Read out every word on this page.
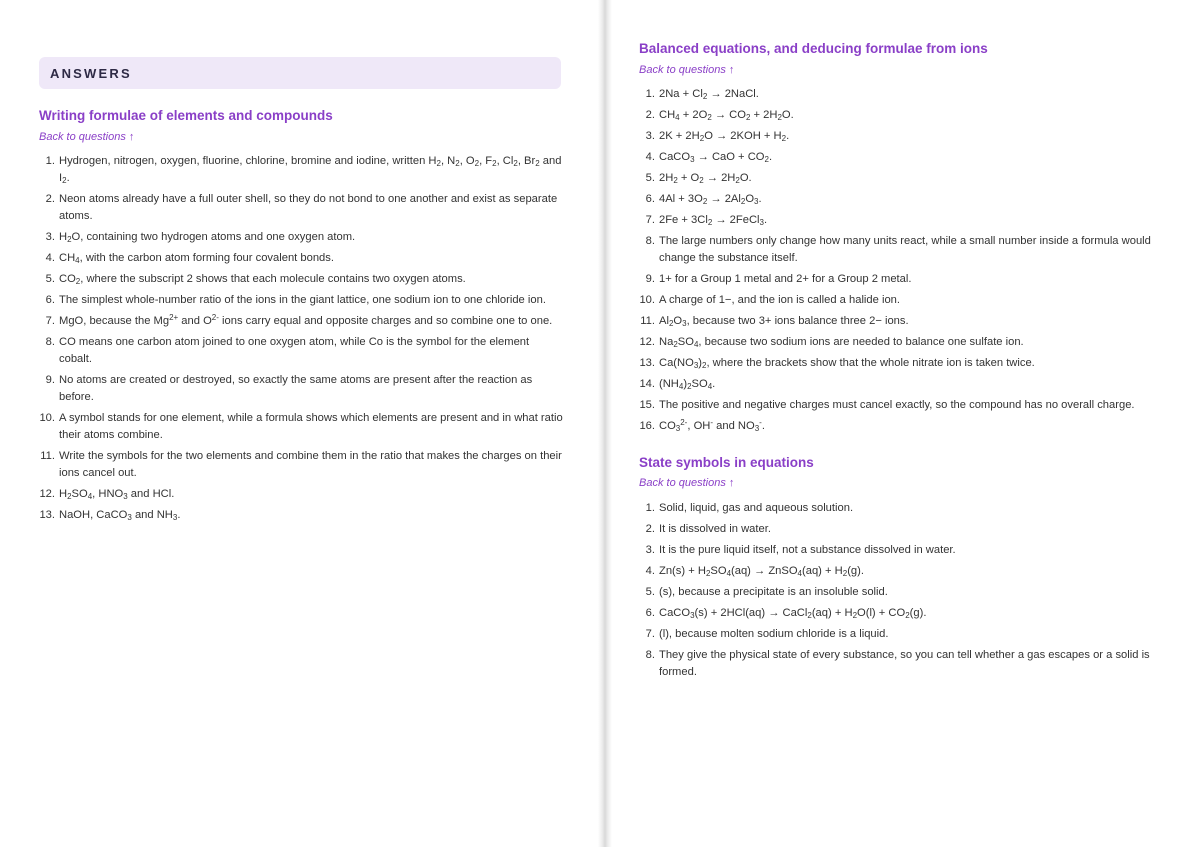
ANSWERS
Writing formulae of elements and compounds
Back to questions ↑
1. Hydrogen, nitrogen, oxygen, fluorine, chlorine, bromine and iodine, written $H_2$, $N_2$, $O_2$, $F_2$, $Cl_2$, $Br_2$ and $I_2$.
2. Neon atoms already have a full outer shell, so they do not bond to one another and exist as separate atoms.
3. $H_2O$, containing two hydrogen atoms and one oxygen atom.
4. $CH_4$, with the carbon atom forming four covalent bonds.
5. $CO_2$, where the subscript 2 shows that each molecule contains two oxygen atoms.
6. The simplest whole-number ratio of the ions in the giant lattice, one sodium ion to one chloride ion.
7. MgO, because the $Mg^{2+}$ and $O^{2-}$ ions carry equal and opposite charges and so combine one to one.
8. CO means one carbon atom joined to one oxygen atom, while Co is the symbol for the element cobalt.
9. No atoms are created or destroyed, so exactly the same atoms are present after the reaction as before.
10. A symbol stands for one element, while a formula shows which elements are present and in what ratio their atoms combine.
11. Write the symbols for the two elements and combine them in the ratio that makes the charges on their ions cancel out.
12. $H_2SO_4$, $HNO_3$ and HCl.
13. NaOH, CaCO$_3$ and $NH_3$.
Balanced equations, and deducing formulae from ions
Back to questions ↑
1. $2Na + Cl_2$ → 2NaCl.
2. $CH_4 + 2O_2 \to CO_2 + 2H_2O$.
3. $2K + 2H_2O \to 2KOH + H_2$.
4. CaCO$_3$ → CaO + $CO_2$.
5. $2H_2 + O_2 \to 2H_2O$.
6. $4Al + 3O_2 \to 2Al_2O_3$.
7. $2Fe + 3Cl_2$ → 2FeCl$_3$.
8. The large numbers only change how many units react, while a small number inside a formula would change the substance itself.
9. 1+ for a Group 1 metal and 2+ for a Group 2 metal.
10. A charge of 1−, and the ion is called a halide ion.
11. $Al_2O_3$, because two 3+ ions balance three 2− ions.
12. $Na_2SO_4$, because two sodium ions are needed to balance one sulfate ion.
13. $Ca(NO_3)_2$, where the brackets show that the whole nitrate ion is taken twice.
14. $(NH_4)_2SO_4$.
15. The positive and negative charges must cancel exactly, so the compound has no overall charge.
16. $CO_3^{2-}$, OH- and $NO_3^-$.
State symbols in equations
Back to questions ↑
1. Solid, liquid, gas and aqueous solution.
2. It is dissolved in water.
3. It is the pure liquid itself, not a substance dissolved in water.
4. $Zn(s) + H_2SO_4(aq)$ → ZnSO$_4$(aq) + $H_2(g)$.
5. (s), because a precipitate is an insoluble solid.
6. CaCO$_3$(s) + 2HCl(aq) → CaCl$_2$(aq) + $H_2O(l) + CO_2(g)$.
7. (l), because molten sodium chloride is a liquid.
8. They give the physical state of every substance, so you can tell whether a gas escapes or a solid is formed.
